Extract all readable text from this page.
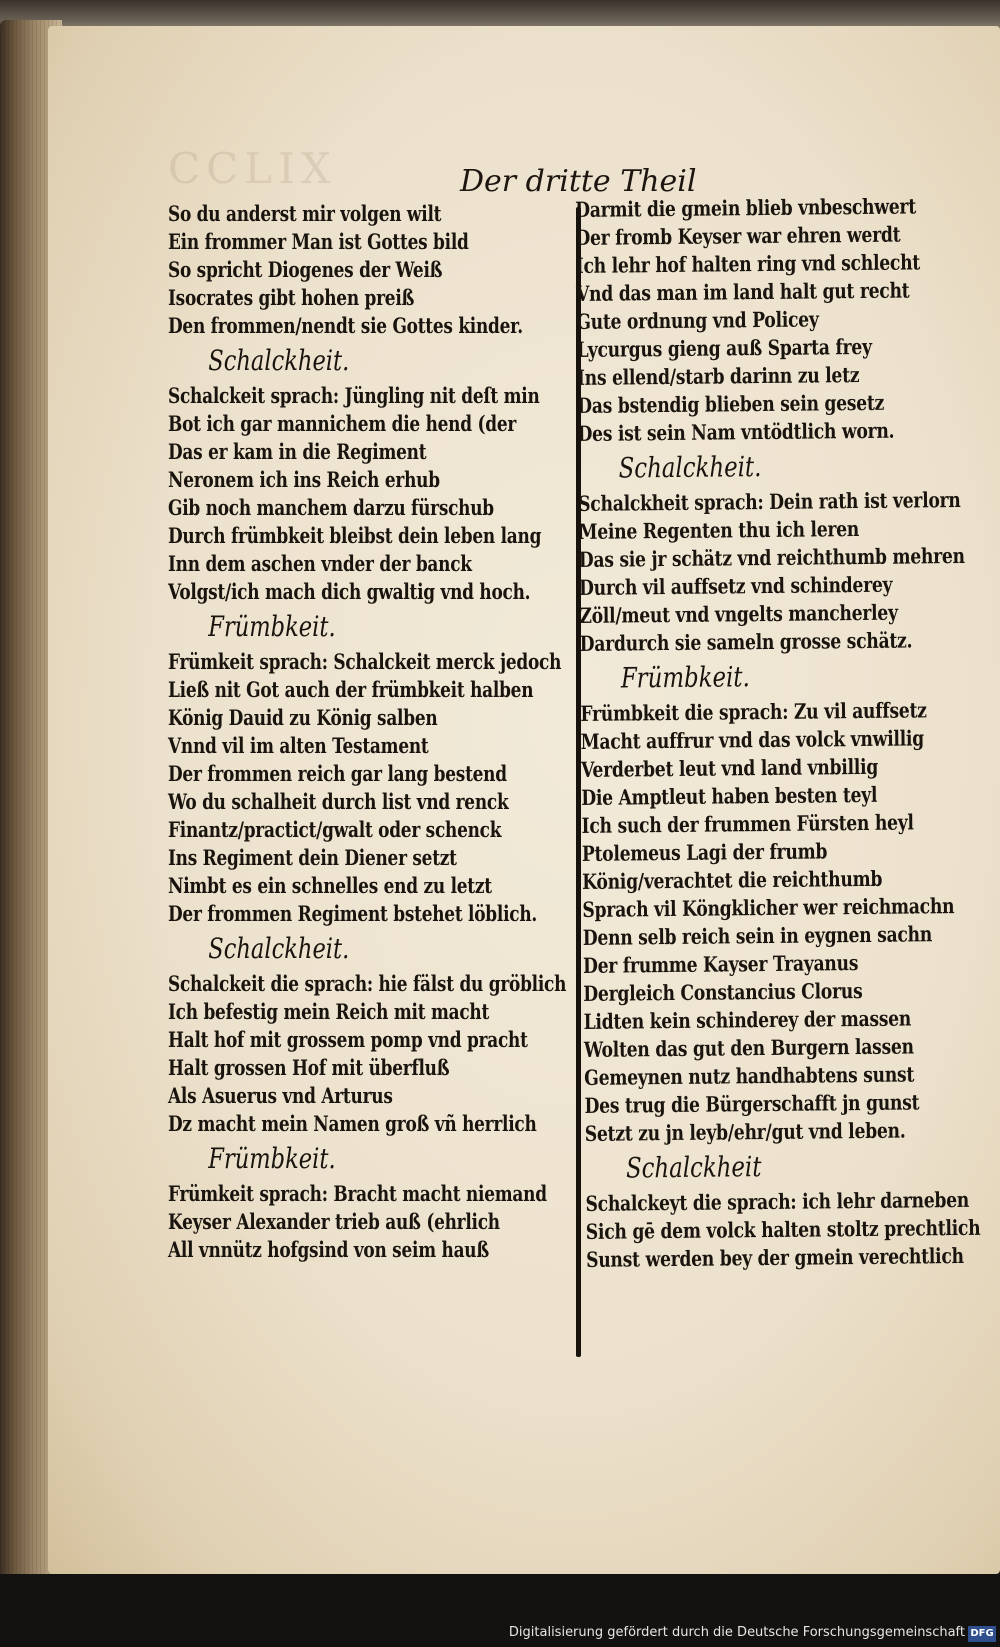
CCLIX	Der dritte Theil
So du anderst mir volgen wilt
Ein frommer Man ist Gottes bild
So spricht Diogenes der Weiß
Isocrates gibt hohen preiß
Den frommen/nendt sie Gottes kinder.
Schalckheit.
Schalckeit sprach: Jüngling nit deſt min
Bot ich gar mannichem die hend (der
Das er kam in die Regiment
Neronem ich ins Reich erhub
Gib noch manchem darzu fürschub
Durch frümbkeit bleibst dein leben lang
Inn dem aschen vnder der banck
Volgst/ich mach dich gwaltig vnd hoch.
Frümbkeit.
Frümkeit sprach: Schalckeit merck jedoch
Ließ nit Got auch der frümbkeit halben
König Dauid zu König salben
Vnnd vil im alten Testament
Der frommen reich gar lang bestend
Wo du schalheit durch list vnd renck
Finantz/practict/gwalt oder schenck
Ins Regiment dein Diener setzt
Nimbt es ein schnelles end zu letzt
Der frommen Regiment bstehet löblich.
Schalckheit.
Schalckeit die sprach: hie fälst du gröblich
Ich befestig mein Reich mit macht
Halt hof mit grossem pomp vnd pracht
Halt grossen Hof mit überfluß
Als Asuerus vnd Arturus
Dz macht mein Namen groß vñ herrlich
Frümbkeit.
Frümkeit sprach: Bracht macht niemand
Keyser Alexander trieb auß (ehrlich
All vnnütz hofgsind von seim hauß
Darmit die gmein blieb vnbeschwert
Der fromb Keyser war ehren werdt
Ich lehr hof halten ring vnd schlecht
Vnd das man im land halt gut recht
Gute ordnung vnd Policey
Lycurgus gieng auß Sparta frey
Ins ellend/starb darinn zu letz
Das bstendig blieben sein gesetz
Des ist sein Nam vntödtlich worn.
Schalckheit.
Schalckheit sprach: Dein rath ist verlorn
Meine Regenten thu ich leren
Das sie jr schätz vnd reichthumb mehren
Durch vil auffsetz vnd schinderey
Zöll/meut vnd vngelts mancherley
Dardurch sie sameln grosse schätz.
Frümbkeit.
Frümbkeit die sprach: Zu vil auffsetz
Macht auffrur vnd das volck vnwillig
Verderbet leut vnd land vnbillig
Die Amptleut haben besten teyl
Ich such der frummen Fürsten heyl
Ptolemeus Lagi der frumb
König/verachtet die reichthumb
Sprach vil Köngklicher wer reichmachn
Denn selb reich sein in eygnen sachn
Der frumme Kayser Trayanus
Dergleich Constancius Clorus
Lidten kein schinderey der massen
Wolten das gut den Burgern lassen
Gemeynen nutz handhabtens sunst
Des trug die Bürgerschafft jn gunst
Setzt zu jn leyb/ehr/gut vnd leben.
Schalckheit
Schalckeyt die sprach: ich lehr darneben
Sich gē dem volck halten stoltz prechtlich
Sunst werden bey der gmein verechtlich
Digitalisierung gefördert durch die Deutsche Forschungsgemeinschaft DFG
